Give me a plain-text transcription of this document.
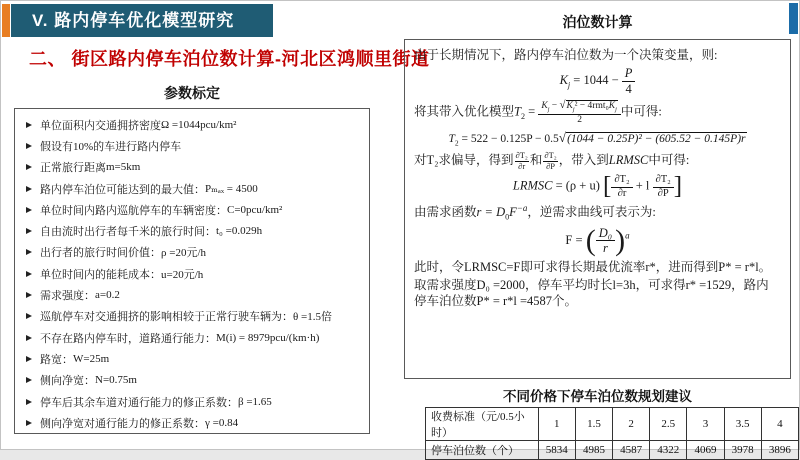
V. 路内停车优化模型研究
二、 街区路内停车泊位数计算-河北区鸿顺里街道
参数标定
单位面积内交通拥挤密度 Ω =1044pcu/km²
假设有10%的车进行路内停车
正常旅行距离 m=5km
路内停车泊位可能达到的最大值： Pₘₐₓ = 4500
单位时间内路内巡航停车的车辆密度： C=0pcu/km²
自由流时出行者每千米的旅行时间： t₀ =0.029h
出行者的旅行时间价值： ρ =20元/h
单位时间内的能耗成本： u=20元/h
需求强度： a=0.2
巡航停车对交通拥挤的影响相较于正常行驶车辆为： θ =1.5倍
不存在路内停车时，道路通行能力： M(i) = 8979pcu/(km·h)
路宽： W=25m
侧向净宽： N=0.75m
停车后其余车道对通行能力的修正系数： β =1.65
侧向净宽对通行能力的修正系数： γ =0.84
泊位数计算

由于长期情况下，路内停车泊位数为一个决策变量，则:

$K_j = 1044 - \frac{P}{4}$

将其带入优化模型$T_2 = \frac{K_j - √K_j^2 - 4rmt_0K_j}{2}$ 中可得:

$T_2 = 522 - 0.125P - 0.5√(1044 - 0.25P)^2 - (605.52 - 0.145P)r$

对T₂求偏导，得到 $\frac{\text{∂T₂}}{\partial r}$ 和 $\frac{\text{∂T₂}}{\partial P}$ ，带入到LRMSC中可得:

LRMSC = (ρ + u) [ $\frac{\text{∂T₂}}{\partial r} + l \frac{\text{∂T₂}}{\partial P}$ ]

由需求函数$r = D_0F^{-a}$，逆需求曲线可表示为:

F = ( $\frac{\text{D₀}}{r} )^a$

此时，令LRMSC=F即可求得长期最优流率r*，进而得到P* = r*l。

取需求强度D₀ =2000，停车平均时长l=3h，可求得r* =1529，路内停车泊位数P* = r*l =4587个。

不同价格下停车泊位数规划建议
收费标准（元/0.5小时）	1	1.5	2	2.5	3	3.5	4
停车泊位数（个）	5834	4985	4587	4322	4069	3978	3896
